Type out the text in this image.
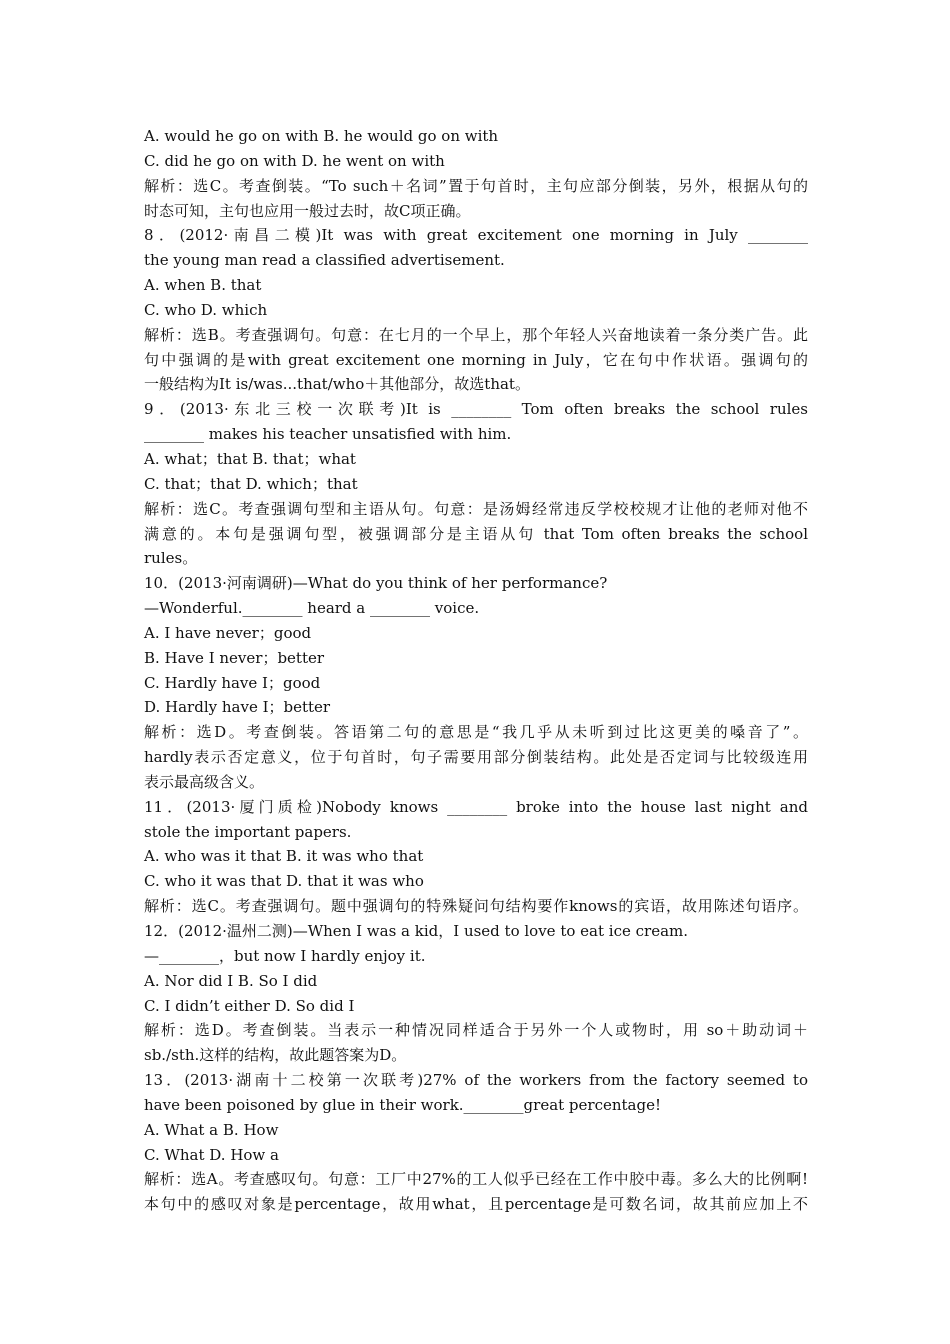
A. would he go on with B. he would go on with
C. did he go on with D. he went on with
解析：选C。考查倒装。“To such＋名词”置于句首时，主句应部分倒装，另外，根据从句的
时态可知，主句也应用一般过去时，故C项正确。
8．(2012·南昌二模)It was with great excitement one morning in July ________
the young man read a classified advertisement.
A. when B. that
C. who D. which
解析：选B。考查强调句。句意：在七月的一个早上，那个年轻人兴奋地读着一条分类广告。此
句中强调的是with great excitement one morning in July，它在句中作状语。强调句的
一般结构为It is/was...that/who＋其他部分，故选that。
9．(2013·东北三校一次联考)It is ________ Tom often breaks the school rules
________ makes his teacher unsatisfied with him.
A. what；that B. that；what
C. that；that D. which；that
解析：选C。考查强调句型和主语从句。句意：是汤姆经常违反学校校规才让他的老师对他不
满意的。本句是强调句型，被强调部分是主语从句 that Tom often breaks the school
rules。
10．(2013·河南调研)—What do you think of her performance?
—Wonderful.________ heard a ________ voice.
A. I have never；good
B. Have I never；better
C. Hardly have I；good
D. Hardly have I；better
解析：选D。考查倒装。答语第二句的意思是“我几乎从未听到过比这更美的嗓音了”。
hardly表示否定意义，位于句首时，句子需要用部分倒装结构。此处是否定词与比较级连用
表示最高级含义。
11．(2013·厦门质检)Nobody knows ________ broke into the house last night and
stole the important papers.
A. who was it that B. it was who that
C. who it was that D. that it was who
解析：选C。考查强调句。题中强调句的特殊疑问句结构要作knows的宾语，故用陈述句语序。
12．(2012·温州二测)—When I was a kid，I used to love to eat ice cream.
—________，but now I hardly enjoy it.
A. Nor did I B. So I did
C. I didn’t either D. So did I
解析：选D。考查倒装。当表示一种情况同样适合于另外一个人或物时，用 so＋助动词＋
sb./sth.这样的结构，故此题答案为D。
13．(2013·湖南十二校第一次联考)27% of the workers from the factory seemed to
have been poisoned by glue in their work.________great percentage!
A. What a B. How
C. What D. How a
解析：选A。考查感叹句。句意：工厂中27%的工人似乎已经在工作中胶中毒。多么大的比例啊!
本句中的感叹对象是percentage，故用what，且percentage是可数名词，故其前应加上不
